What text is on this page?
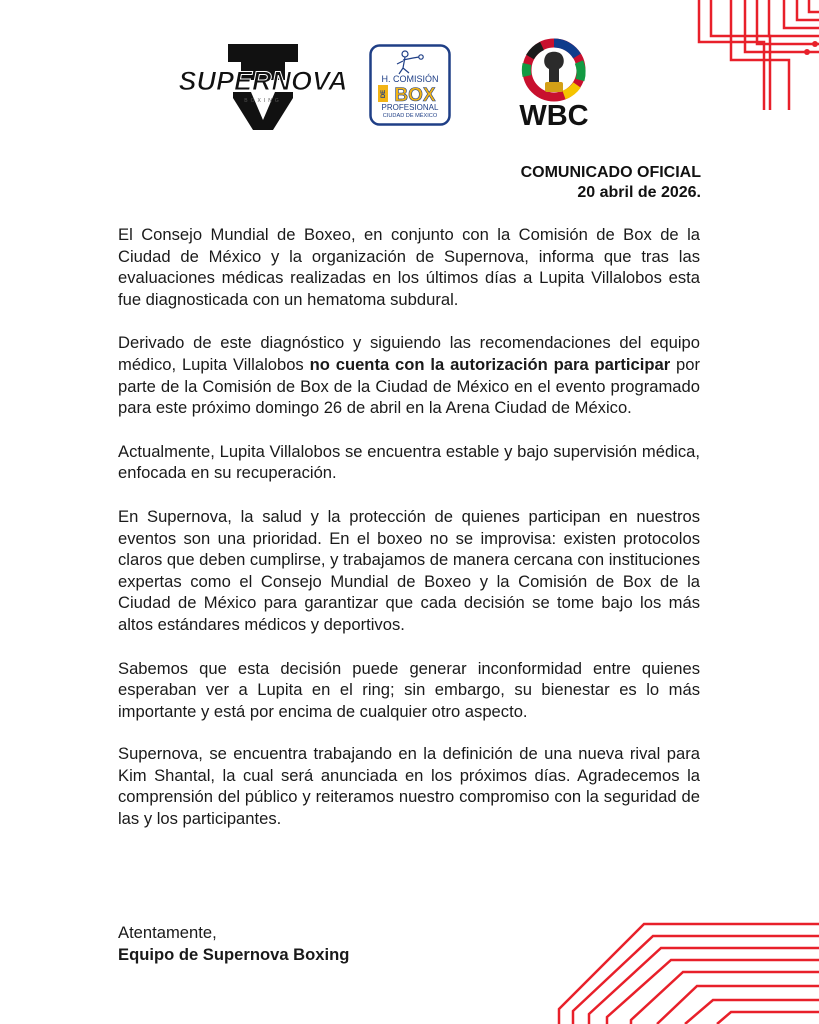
SUPERNOVA
BOXING
H. COMISIÓN
DE BOX
PROFESIONAL
CIUDAD DE MÉXICO	WBC
COMUNICADO OFICIAL
20 abril de 2026.

El Consejo Mundial de Boxeo, en conjunto con la Comisión de Box de la Ciudad de México y la organización de Supernova, informa que tras las evaluaciones médicas realizadas en los últimos días a Lupita Villalobos esta fue diagnosticada con un hematoma subdural.

Derivado de este diagnóstico y siguiendo las recomendaciones del equipo médico, Lupita Villalobos no cuenta con la autorización para participar por parte de la Comisión de Box de la Ciudad de México en el evento programado para este próximo domingo 26 de abril en la Arena Ciudad de México.

Actualmente, Lupita Villalobos se encuentra estable y bajo supervisión médica, enfocada en su recuperación.

En Supernova, la salud y la protección de quienes participan en nuestros eventos son una prioridad. En el boxeo no se improvisa: existen protocolos claros que deben cumplirse, y trabajamos de manera cercana con instituciones expertas como el Consejo Mundial de Boxeo y la Comisión de Box de la Ciudad de México para garantizar que cada decisión se tome bajo los más altos estándares médicos y deportivos.

Sabemos que esta decisión puede generar inconformidad entre quienes esperaban ver a Lupita en el ring; sin embargo, su bienestar es lo más importante y está por encima de cualquier otro aspecto.

Supernova, se encuentra trabajando en la definición de una nueva rival para Kim Shantal, la cual será anunciada en los próximos días. Agradecemos la comprensión del público y reiteramos nuestro compromiso con la seguridad de las y los participantes.

Atentamente,
Equipo de Supernova Boxing
